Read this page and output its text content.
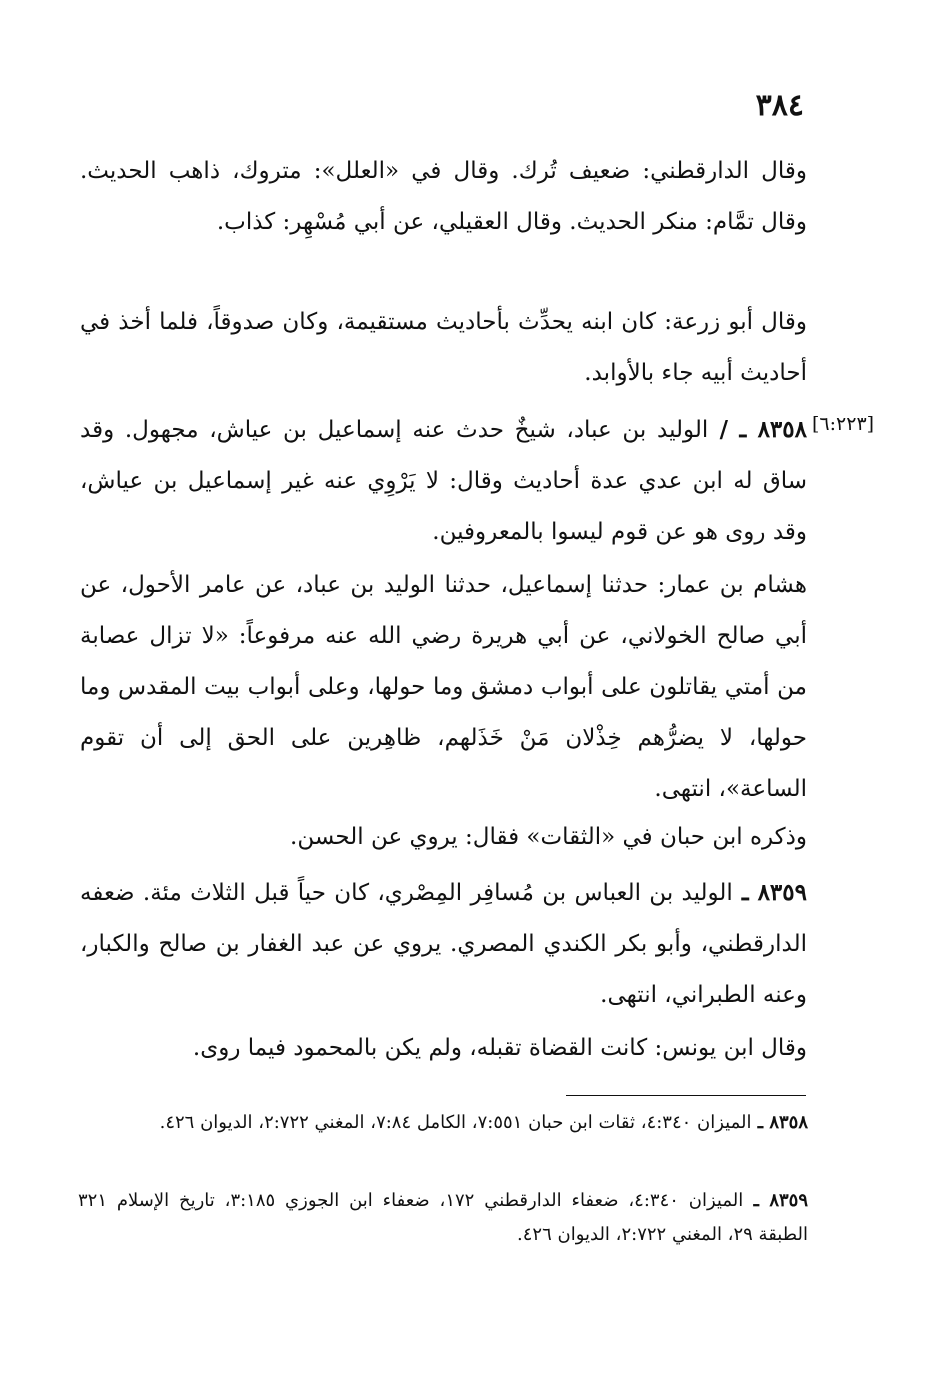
٣٨٤
وقال الدارقطني: ضعيف تُرك. وقال في «العلل»: متروك، ذاهب الحديث. وقال تمَّام: منكر الحديث. وقال العقيلي، عن أبي مُسْهِر: كذاب.
وقال أبو زرعة: كان ابنه يحدِّث بأحاديث مستقيمة، وكان صدوقاً، فلما أخذ في أحاديث أبيه جاء بالأوابد.
[٦:٢٢٣]
٨٣٥٨ ـ / الوليد بن عباد، شيخٌ حدث عنه إسماعيل بن عياش، مجهول. وقد ساق له ابن عدي عدة أحاديث وقال: لا يَرْوِي عنه غير إسماعيل بن عياش، وقد روى هو عن قوم ليسوا بالمعروفين.
هشام بن عمار: حدثنا إسماعيل، حدثنا الوليد بن عباد، عن عامر الأحول، عن أبي صالح الخولاني، عن أبي هريرة رضي الله عنه مرفوعاً: «لا تزال عصابة من أمتي يقاتلون على أبواب دمشق وما حولها، وعلى أبواب بيت المقدس وما حولها، لا يضرُّهم خِذْلان مَنْ خَذَلهم، ظاهِرين على الحق إلى أن تقوم الساعة»، انتهى.
وذكره ابن حبان في «الثقات» فقال: يروي عن الحسن.
٨٣٥٩ ـ الوليد بن العباس بن مُسافِر المِصْري، كان حياً قبل الثلاث مئة. ضعفه الدارقطني، وأبو بكر الكندي المصري. يروي عن عبد الغفار بن صالح والكبار، وعنه الطبراني، انتهى.
وقال ابن يونس: كانت القضاة تقبله، ولم يكن بالمحمود فيما روى.
٨٣٥٨ ـ الميزان ٤:٣٤٠، ثقات ابن حبان ٧:٥٥١، الكامل ٧:٨٤، المغني ٢:٧٢٢، الديوان ٤٢٦.
٨٣٥٩ ـ الميزان ٤:٣٤٠، ضعفاء الدارقطني ١٧٢، ضعفاء ابن الجوزي ٣:١٨٥، تاريخ الإسلام ٣٢١ الطبقة ٢٩، المغني ٢:٧٢٢، الديوان ٤٢٦.
